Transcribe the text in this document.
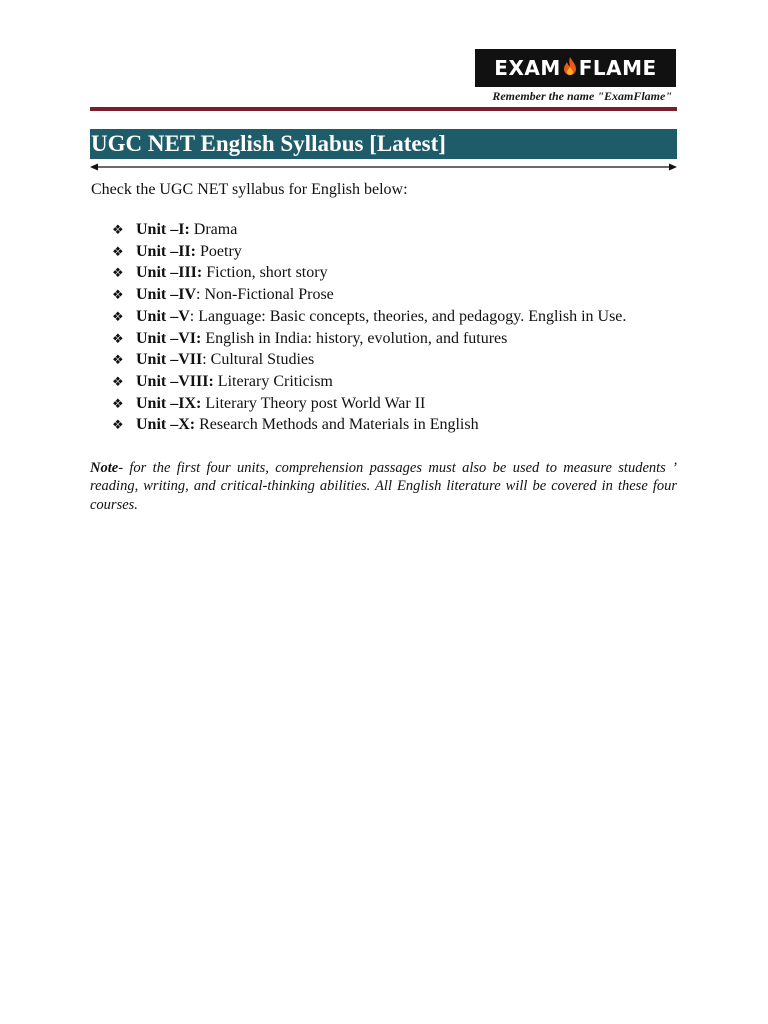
EXAM FLAME
Remember the name "ExamFlame"
UGC NET English Syllabus [Latest]
Check the UGC NET syllabus for English below:
❖ Unit –I: Drama
❖ Unit –II: Poetry
❖ Unit –III: Fiction, short story
❖ Unit –IV: Non-Fictional Prose
❖ Unit –V: Language: Basic concepts, theories, and pedagogy. English in Use.
❖ Unit –VI: English in India: history, evolution, and futures
❖ Unit –VII: Cultural Studies
❖ Unit –VIII: Literary Criticism
❖ Unit –IX: Literary Theory post World War II
❖ Unit –X: Research Methods and Materials in English

Note- for the first four units, comprehension passages must also be used to measure students ’ reading, writing, and critical-thinking abilities. All English literature will be covered in these four courses.
